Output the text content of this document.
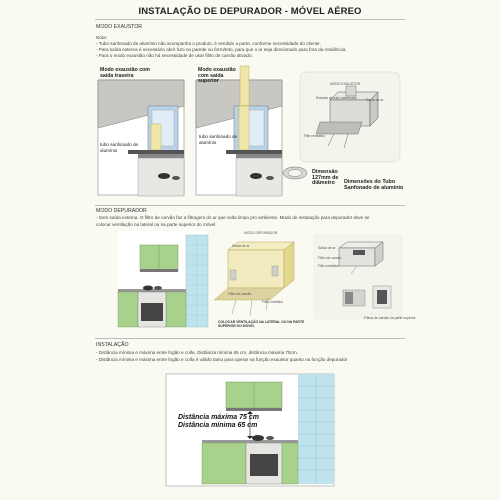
INSTALAÇÃO DE DEPURADOR - MÓVEL AÉREO
MODO EXAUSTOR
Nota:
- Tubo sanfonado de alumínio não acompanha o produto, é vendido a parte, conforme necessidade do cliente.
- Para saída externa é necessário abrir furo na parede ou forro/teto, para que o ar seja direcionado para fora da residência.
- Para o modo exaustão não há necessidade de usar filtro de carvão ativado.
Modo exaustão com saída traseira
tubo sanfonado de alumínio
Modo exaustão com saída superior
tubo sanfonado de alumínio
MODO EXAUSTOR
Entrada do tubo sanfonado	Saída de ar
Filtro metálico
Dimensão 127mm de diâmetro	Dimensões do Tubo Sanfonado de alumínio
MODO DEPURADOR
- Sem saída externa. O filtro de carvão faz a filtragem do ar que volta limpo pro ambiente. Modo de instalação para depurador deve se
colocar ventilação na lateral ou na parte superior do móvel.
MODO DEPURADOR
Saída de ar
Filtro de carvão
Filtro metálico
COLOCAR VENTILAÇÃO NA LATERAL OU NA PARTE SUPERIOR DO MÓVEL
Saída de ar
Filtro de carvão
Filtro metálico
Filtros de carvão na parte superior
INSTALAÇÃO
- Distância mínima e máxima entre fogão e coifa. Distância mínima 65 cm, distância máxima 75cm.
- Distância mínima e máxima entre fogão e coifa é válido tanto para operar na função exaustor quanto na função depurador
Distância máxima 75 cm
Distância mínima 65 cm
